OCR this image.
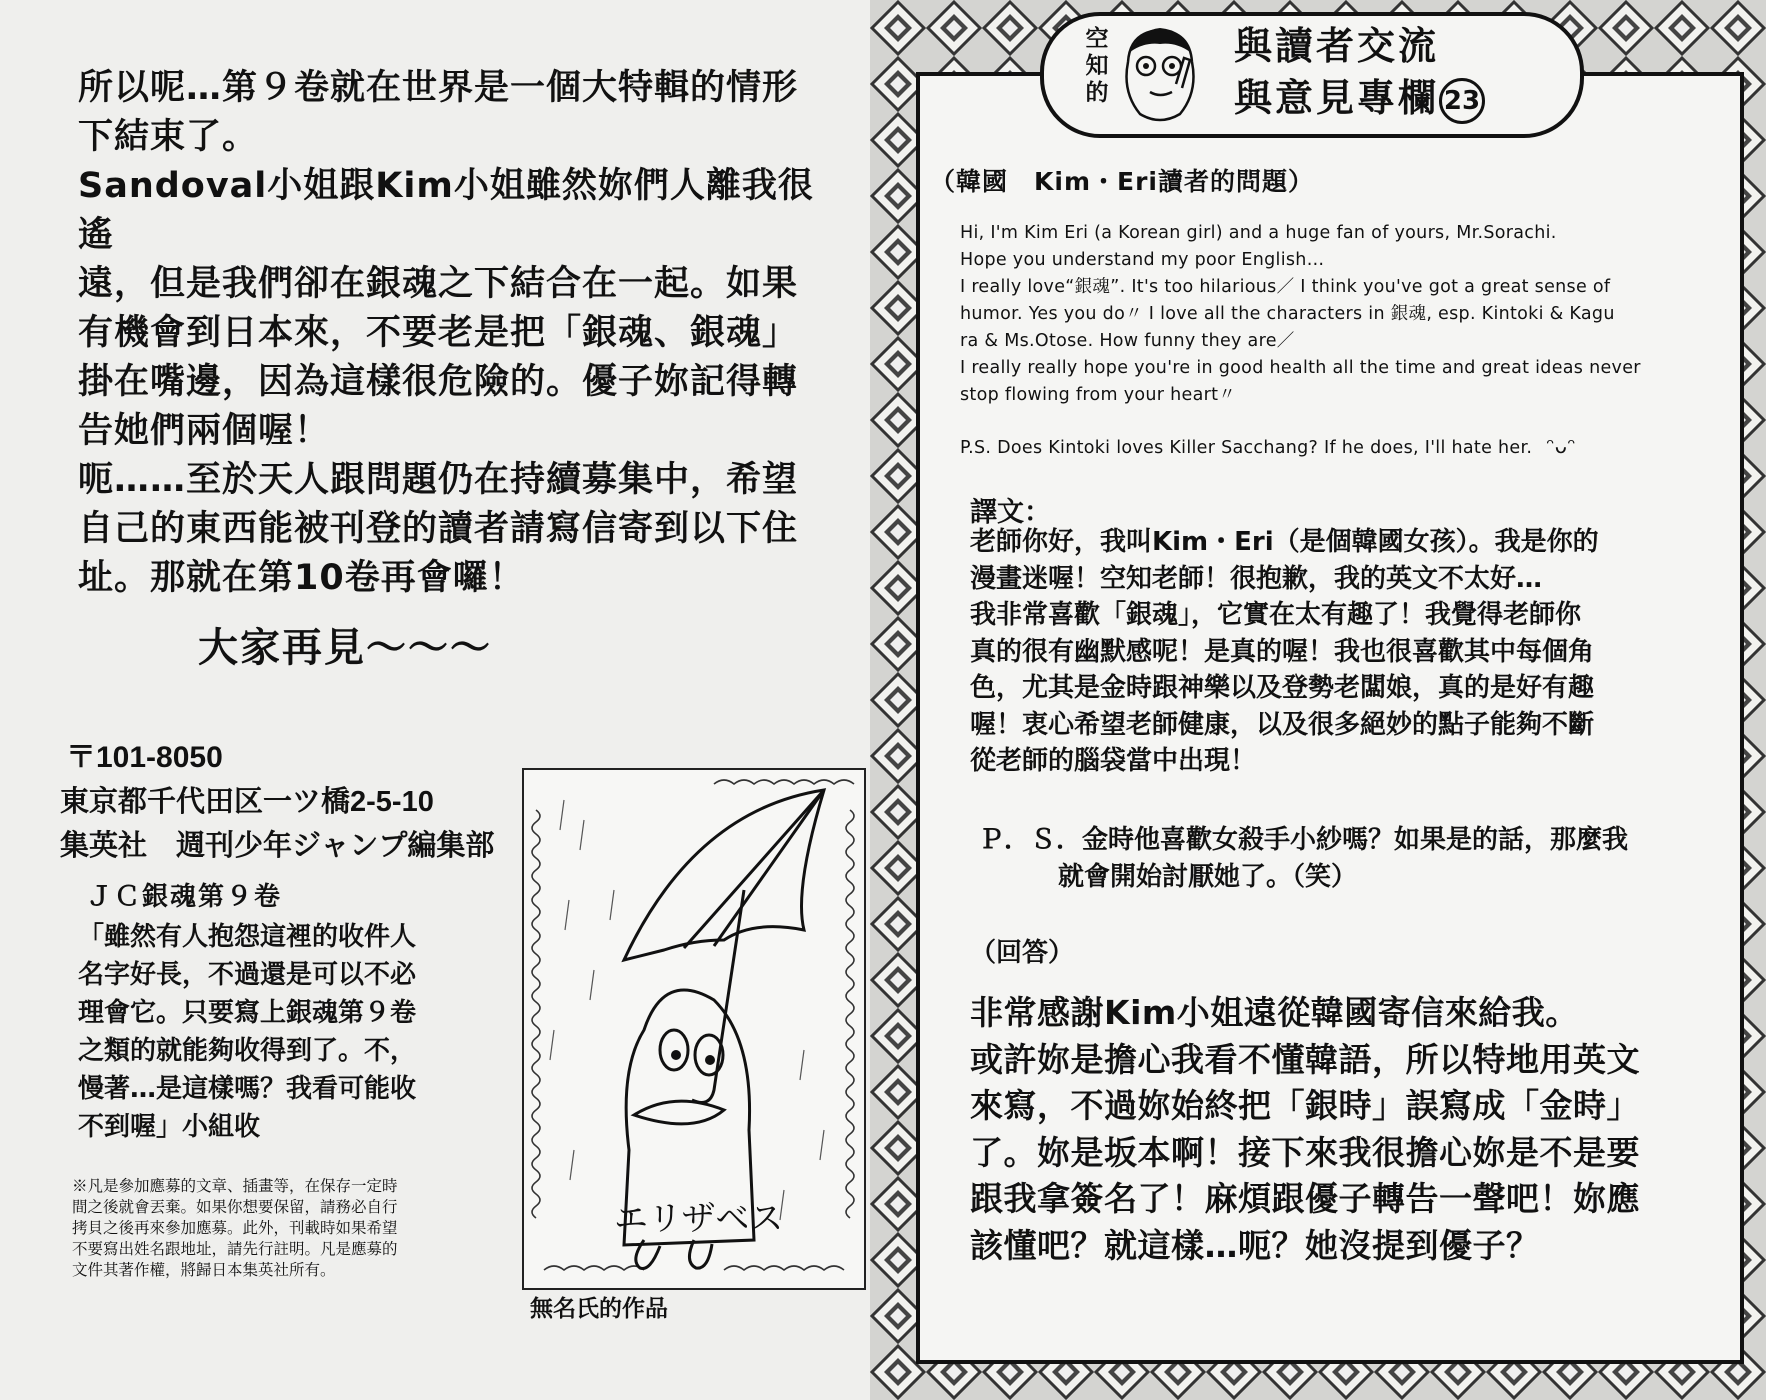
所以呢…第９卷就在世界是一個大特輯的情形

下結束了。

Sandoval小姐跟Kim小姐雖然妳們人離我很遙

遠，但是我們卻在銀魂之下結合在一起。如果

有機會到日本來，不要老是把「銀魂、銀魂」

掛在嘴邊，因為這樣很危險的。優子妳記得轉

告她們兩個喔！

呃……至於天人跟問題仍在持續募集中，希望

自己的東西能被刊登的讀者請寫信寄到以下住

址。那就在第10卷再會囉！

大家再見～～～
〒101-8050
東京都千代田区一ツ橋2-5-10
集英社　週刊少年ジャンプ編集部
ＪＣ銀魂第９卷
「雖然有人抱怨這裡的收件人
名字好長，不過還是可以不必
理會它。只要寫上銀魂第９卷
之類的就能夠收得到了。不，
慢著…是這樣嗎？我看可能收
不到喔」小組收
※凡是參加應募的文章、插畫等，在保存一定時
間之後就會丟棄。如果你想要保留，請務必自行
拷貝之後再來參加應募。此外，刊載時如果希望
不要寫出姓名跟地址，請先行註明。凡是應募的
文件其著作權，將歸日本集英社所有。
エリザベス
無名氏的作品
空
知
的
與讀者交流
與意見專欄 23
（韓國　Kim・Eri讀者的問題）
Hi, I'm Kim Eri (a Korean girl) and a huge fan of yours, Mr.Sorachi.
Hope you understand my poor English…
I really love“銀魂”. It's too hilarious／ I think you've got a great sense of
humor. Yes you do〃 I love all the characters in 銀魂, esp. Kintoki & Kagu
ra & Ms.Otose. How funny they are／
I really really hope you're in good health all the time and great ideas never
stop flowing from your heart〃
P.S. Does Kintoki loves Killer Sacchang? If he does, I'll hate her. ᵔᴗᵔ
譯文：
老師你好，我叫Kim・Eri（是個韓國女孩）。我是你的
漫畫迷喔！空知老師！很抱歉，我的英文不太好…
我非常喜歡「銀魂」，它實在太有趣了！我覺得老師你
真的很有幽默感呢！是真的喔！我也很喜歡其中每個角
色，尤其是金時跟神樂以及登勢老闆娘，真的是好有趣
喔！衷心希望老師健康，以及很多絕妙的點子能夠不斷
從老師的腦袋當中出現！
Ｐ．Ｓ．金時他喜歡女殺手小紗嗎？如果是的話，那麼我
就會開始討厭她了。（笑）
（回答）
非常感謝Kim小姐遠從韓國寄信來給我。
或許妳是擔心我看不懂韓語，所以特地用英文
來寫，不過妳始終把「銀時」誤寫成「金時」
了。妳是坂本啊！接下來我很擔心妳是不是要
跟我拿簽名了！麻煩跟優子轉告一聲吧！妳應
該懂吧？就這樣…呃？她沒提到優子？
